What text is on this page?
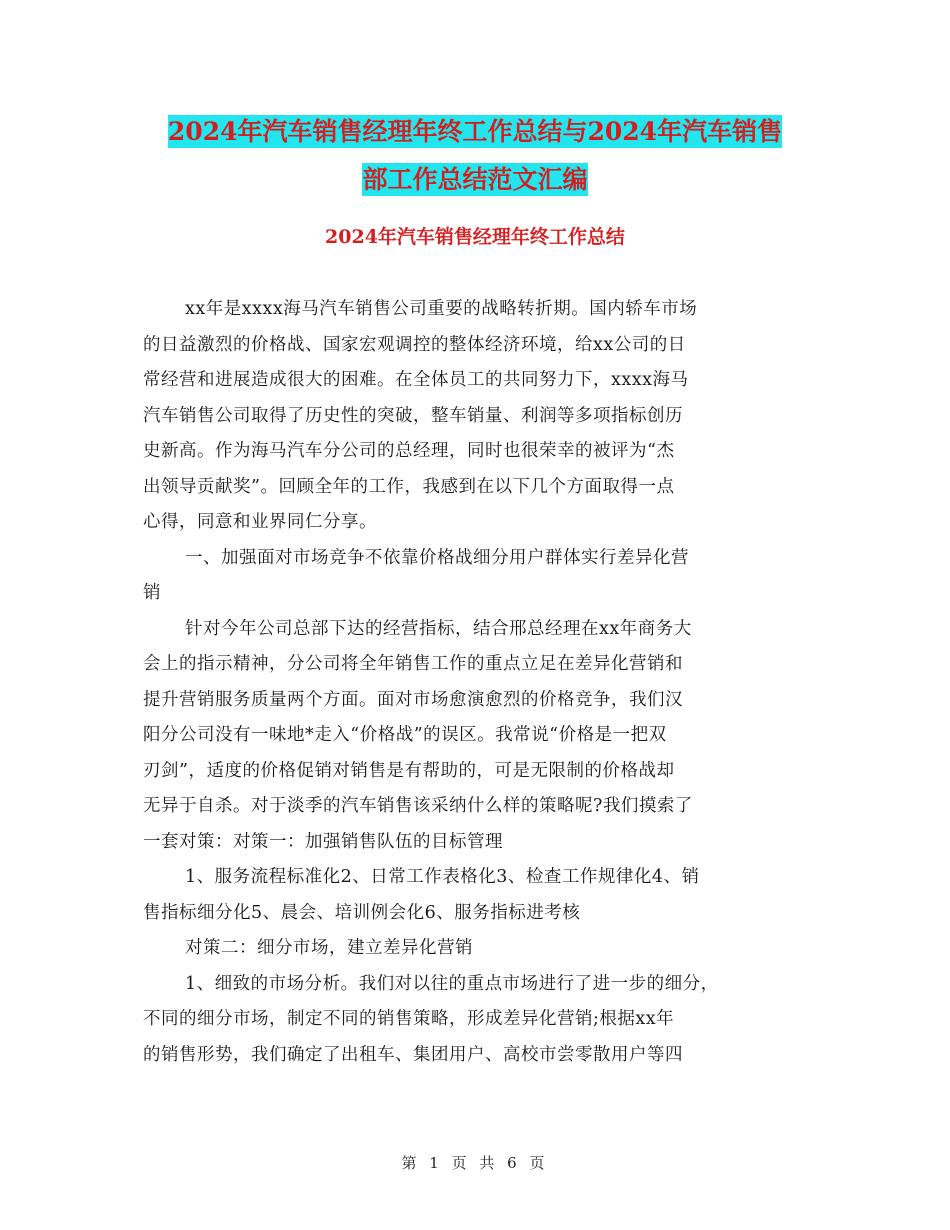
2024年汽车销售经理年终工作总结与2024年汽车销售
部工作总结范文汇编
2024年汽车销售经理年终工作总结
xx年是xxxx海马汽车销售公司重要的战略转折期。国内轿车市场
的日益激烈的价格战、国家宏观调控的整体经济环境，给xx公司的日
常经营和进展造成很大的困难。在全体员工的共同努力下，xxxx海马
汽车销售公司取得了历史性的突破，整车销量、利润等多项指标创历
史新高。作为海马汽车分公司的总经理，同时也很荣幸的被评为“杰
出领导贡献奖”。回顾全年的工作，我感到在以下几个方面取得一点
心得，同意和业界同仁分享。
一、加强面对市场竞争不依靠价格战细分用户群体实行差异化营
销
针对今年公司总部下达的经营指标，结合邢总经理在xx年商务大
会上的指示精神，分公司将全年销售工作的重点立足在差异化营销和
提升营销服务质量两个方面。面对市场愈演愈烈的价格竞争，我们汉
阳分公司没有一味地*走入“价格战”的误区。我常说“价格是一把双
刃剑”，适度的价格促销对销售是有帮助的，可是无限制的价格战却
无异于自杀。对于淡季的汽车销售该采纳什么样的策略呢?我们摸索了
一套对策：对策一：加强销售队伍的目标管理
1、服务流程标准化2、日常工作表格化3、检查工作规律化4、销
售指标细分化5、晨会、培训例会化6、服务指标进考核
对策二：细分市场，建立差异化营销
1、细致的市场分析。我们对以往的重点市场进行了进一步的细分，
不同的细分市场，制定不同的销售策略，形成差异化营销;根据xx年
的销售形势，我们确定了出租车、集团用户、高校市尝零散用户等四
第 1 页 共 6 页
